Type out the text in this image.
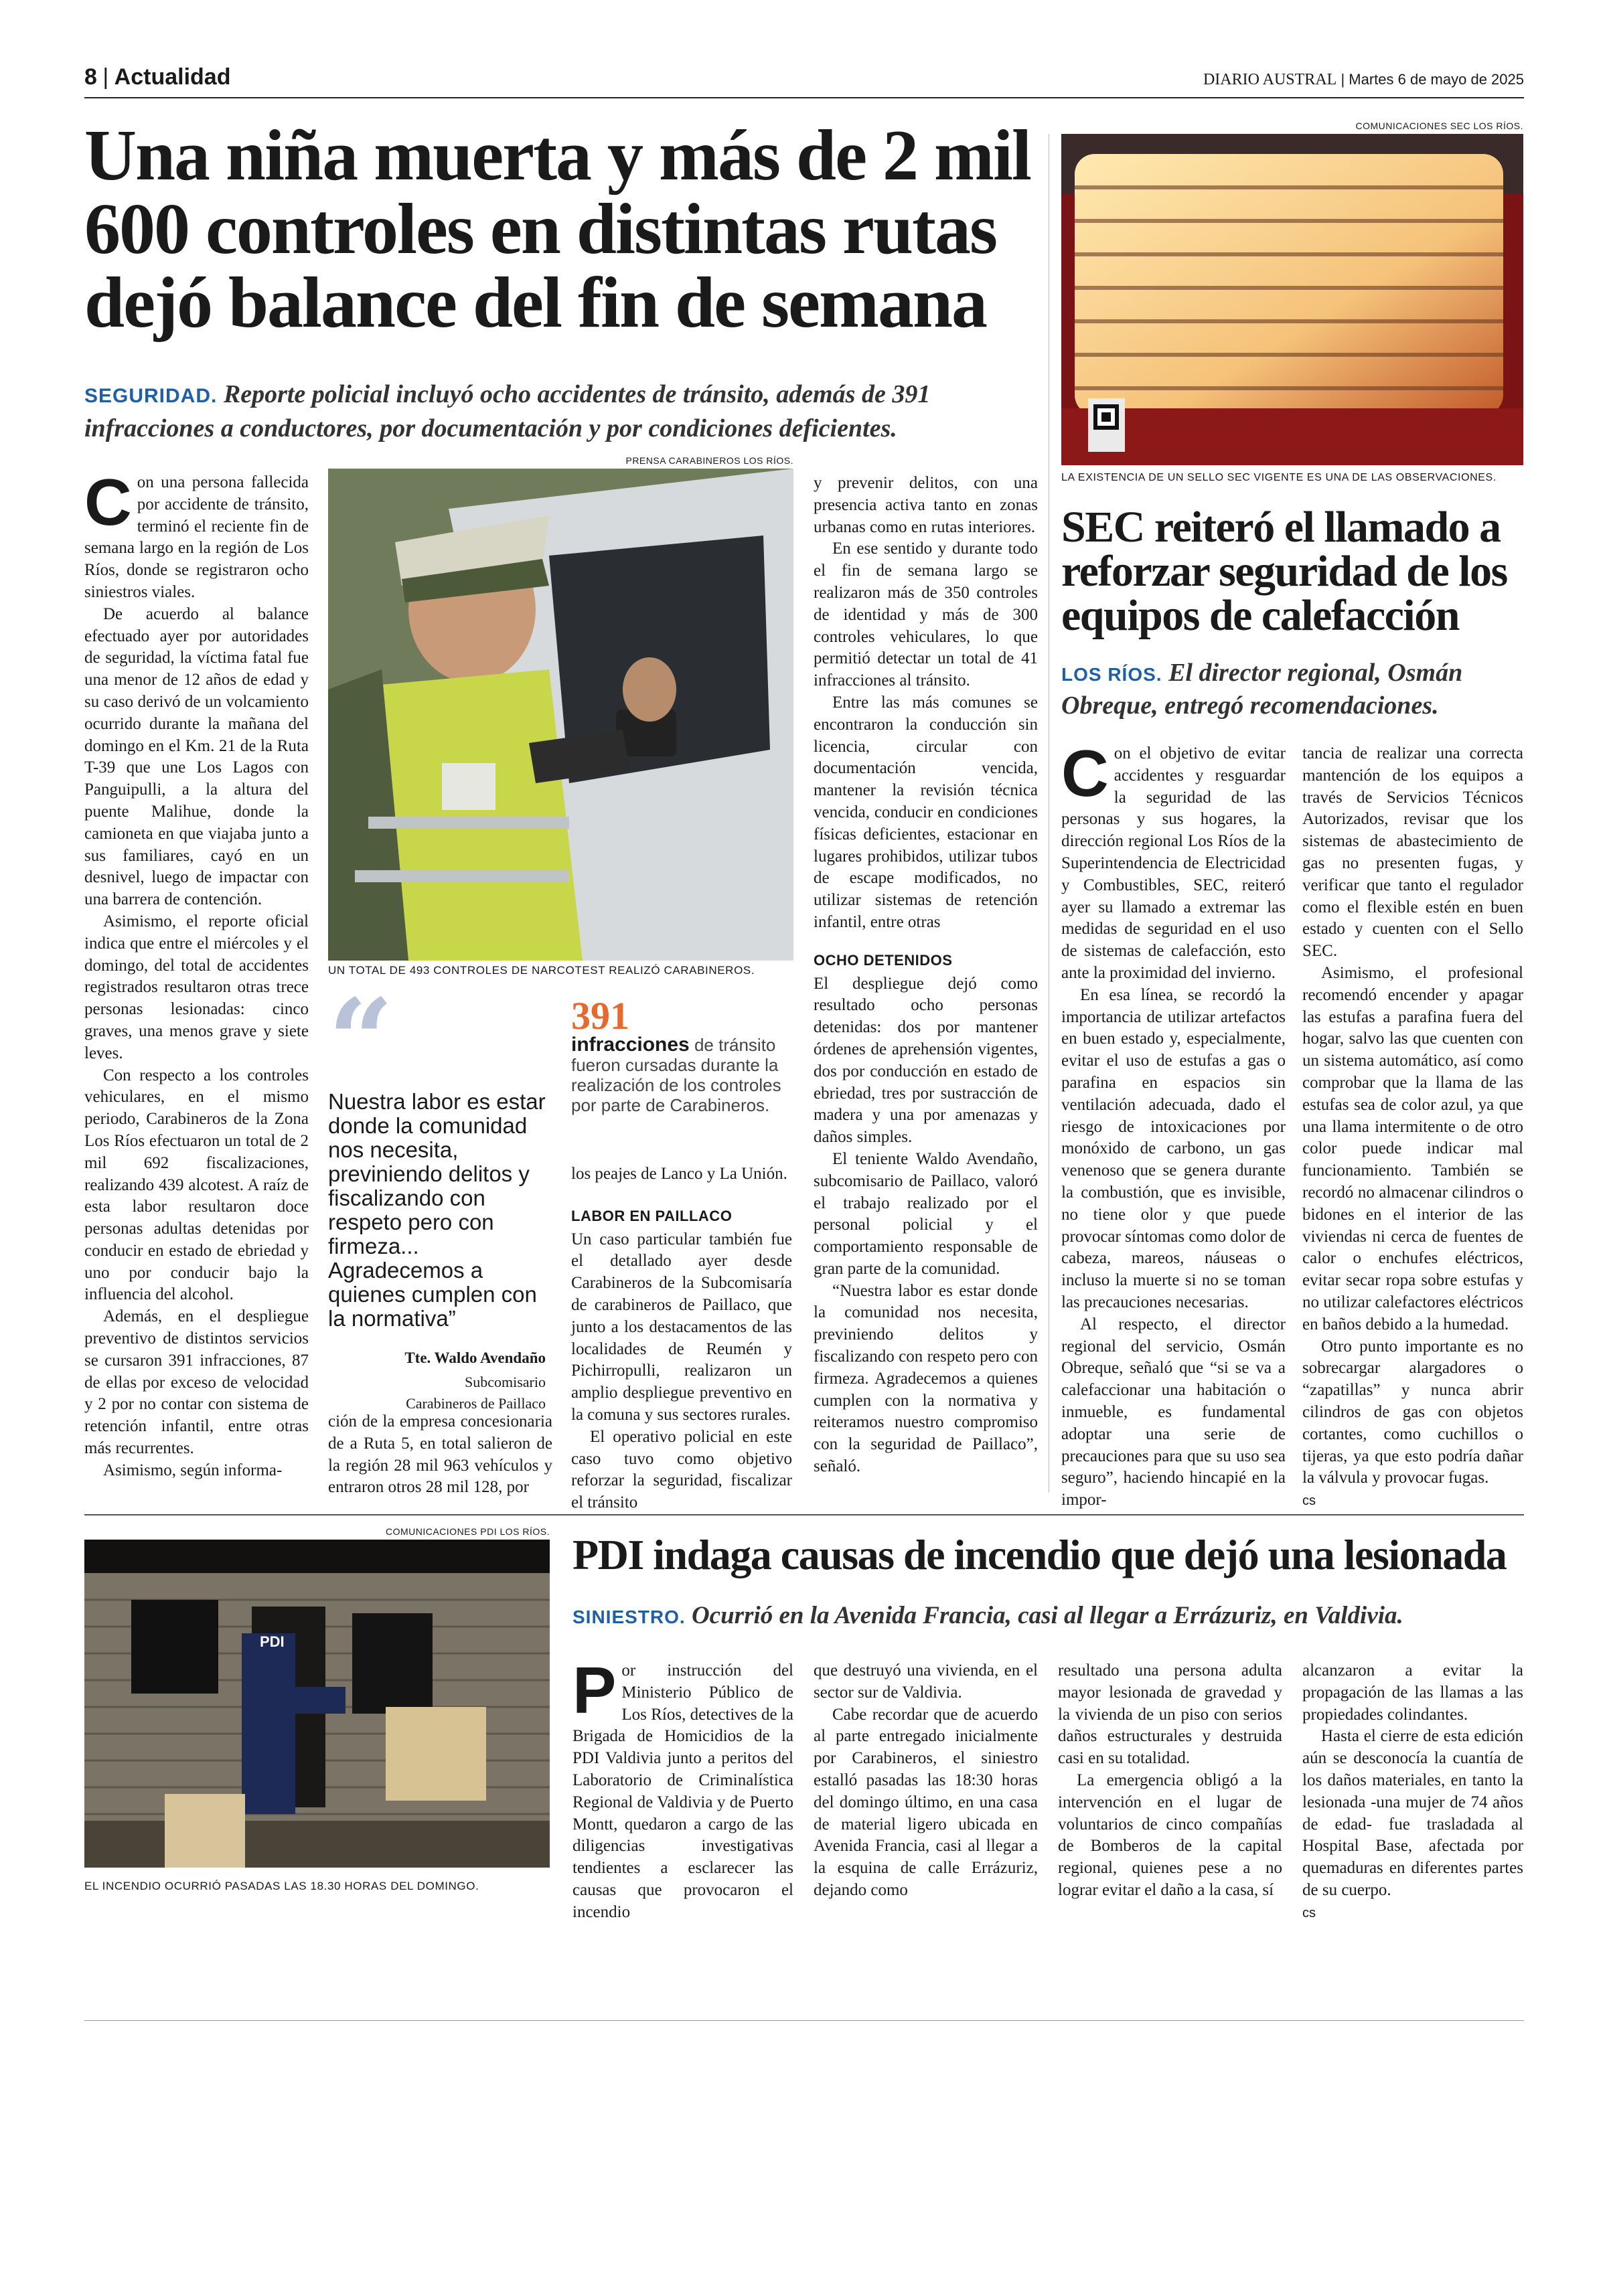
8 | Actualidad	DIARIO AUSTRAL | Martes 6 de mayo de 2025
Una niña muerta y más de 2 mil 600 controles en distintas rutas dejó balance del fin de semana
SEGURIDAD. Reporte policial incluyó ocho accidentes de tránsito, además de 391 infracciones a conductores, por documentación y por condiciones deficientes.
PRENSA CARABINEROS LOS RÍOS.
UN TOTAL DE 493 CONTROLES DE NARCOTEST REALIZÓ CARABINEROS.
C on una persona fallecida por accidente de tránsito, terminó el reciente fin de semana largo en la región de Los Ríos, donde se registraron ocho siniestros viales.

De acuerdo al balance efectuado ayer por autoridades de seguridad, la víctima fatal fue una menor de 12 años de edad y su caso derivó de un volcamiento ocurrido durante la mañana del domingo en el Km. 21 de la Ruta T-39 que une Los Lagos con Panguipulli, a la altura del puente Malihue, donde la camioneta en que viajaba junto a sus familiares, cayó en un desnivel, luego de impactar con una barrera de contención.

Asimismo, el reporte oficial indica que entre el miércoles y el domingo, del total de accidentes registrados resultaron otras trece personas lesionadas: cinco graves, una menos grave y siete leves.

Con respecto a los controles vehiculares, en el mismo periodo, Carabineros de la Zona Los Ríos efectuaron un total de 2 mil 692 fiscalizaciones, realizando 439 alcotest. A raíz de esta labor resultaron doce personas adultas detenidas por conducir en estado de ebriedad y uno por conducir bajo la influencia del alcohol.

Además, en el despliegue preventivo de distintos servicios se cursaron 391 infracciones, 87 de ellas por exceso de velocidad y 2 por no contar con sistema de retención infantil, entre otras más recurrentes.

Asimismo, según informa-

“
Nuestra labor es estar donde la comunidad nos necesita, previniendo delitos y fiscalizando con respeto pero con firmeza... Agradecemos a quienes cumplen con la normativa”
Tte. Waldo Avendaño
Subcomisario
Carabineros de Paillaco
391
infracciones de tránsito fueron cursadas durante la realización de los controles por parte de Carabineros.

ción de la empresa concesionaria de a Ruta 5, en total salieron de la región 28 mil 963 vehículos y entraron otros 28 mil 128, por

los peajes de Lanco y La Unión.

LABOR EN PAILLACO

Un caso particular también fue el detallado ayer desde Carabineros de la Subcomisaría de carabineros de Paillaco, que junto a los destacamentos de las localidades de Reumén y Pichirropulli, realizaron un amplio despliegue preventivo en la comuna y sus sectores rurales.

El operativo policial en este caso tuvo como objetivo reforzar la seguridad, fiscalizar el tránsito

y prevenir delitos, con una presencia activa tanto en zonas urbanas como en rutas interiores.

En ese sentido y durante todo el fin de semana largo se realizaron más de 350 controles de identidad y más de 300 controles vehiculares, lo que permitió detectar un total de 41 infracciones al tránsito.

Entre las más comunes se encontraron la conducción sin licencia, circular con documentación vencida, mantener la revisión técnica vencida, conducir en condiciones físicas deficientes, estacionar en lugares prohibidos, utilizar tubos de escape modificados, no utilizar sistemas de retención infantil, entre otras

OCHO DETENIDOS

El despliegue dejó como resultado ocho personas detenidas: dos por mantener órdenes de aprehensión vigentes, dos por conducción en estado de ebriedad, tres por sustracción de madera y una por amenazas y daños simples.

El teniente Waldo Avendaño, subcomisario de Paillaco, valoró el trabajo realizado por el personal policial y el comportamiento responsable de gran parte de la comunidad.

“Nuestra labor es estar donde la comunidad nos necesita, previniendo delitos y fiscalizando con respeto pero con firmeza. Agradecemos a quienes cumplen con la normativa y reiteramos nuestro compromiso con la seguridad de Paillaco”, señaló.

COMUNICACIONES SEC LOS RÍOS.
LA EXISTENCIA DE UN SELLO SEC VIGENTE ES UNA DE LAS OBSERVACIONES.
SEC reiteró el llamado a reforzar seguridad de los equipos de calefacción
LOS RÍOS. El director regional, Osmán Obreque, entregó recomendaciones.
C on el objetivo de evitar accidentes y resguardar la seguridad de las personas y sus hogares, la dirección regional Los Ríos de la Superintendencia de Electricidad y Combustibles, SEC, reiteró ayer su llamado a extremar las medidas de seguridad en el uso de sistemas de calefacción, esto ante la proximidad del invierno.

En esa línea, se recordó la importancia de utilizar artefactos en buen estado y, especialmente, evitar el uso de estufas a gas o parafina en espacios sin ventilación adecuada, dado el riesgo de intoxicaciones por monóxido de carbono, un gas venenoso que se genera durante la combustión, que es invisible, no tiene olor y que puede provocar síntomas como dolor de cabeza, mareos, náuseas o incluso la muerte si no se toman las precauciones necesarias.

Al respecto, el director regional del servicio, Osmán Obreque, señaló que “si se va a calefaccionar una habitación o inmueble, es fundamental adoptar una serie de precauciones para que su uso sea seguro”, haciendo hincapié en la impor-

tancia de realizar una correcta mantención de los equipos a través de Servicios Técnicos Autorizados, revisar que los sistemas de abastecimiento de gas no presenten fugas, y verificar que tanto el regulador como el flexible estén en buen estado y cuenten con el Sello SEC.

Asimismo, el profesional recomendó encender y apagar las estufas a parafina fuera del hogar, salvo las que cuenten con un sistema automático, así como comprobar que la llama de las estufas sea de color azul, ya que una llama intermitente o de otro color puede indicar mal funcionamiento. También se recordó no almacenar cilindros o bidones en el interior de las viviendas ni cerca de fuentes de calor o enchufes eléctricos, evitar secar ropa sobre estufas y no utilizar calefactores eléctricos en baños debido a la humedad.

Otro punto importante es no sobrecargar alargadores o “zapatillas” y nunca abrir cilindros de gas con objetos cortantes, como cuchillos o tijeras, ya que esto podría dañar la válvula y provocar fugas.

cs
COMUNICACIONES PDI LOS RÍOS.
PDI
EL INCENDIO OCURRIÓ PASADAS LAS 18.30 HORAS DEL DOMINGO.
PDI indaga causas de incendio que dejó una lesionada
SINIESTRO. Ocurrió en la Avenida Francia, casi al llegar a Errázuriz, en Valdivia.
P or instrucción del Ministerio Público de Los Ríos, detectives de la Brigada de Homicidios de la PDI Valdivia junto a peritos del Laboratorio de Criminalística Regional de Valdivia y de Puerto Montt, quedaron a cargo de las diligencias investigativas tendientes a esclarecer las causas que provocaron el incendio

que destruyó una vivienda, en el sector sur de Valdivia.

Cabe recordar que de acuerdo al parte entregado inicialmente por Carabineros, el siniestro estalló pasadas las 18:30 horas del domingo último, en una casa de material ligero ubicada en Avenida Francia, casi al llegar a la esquina de calle Errázuriz, dejando como

resultado una persona adulta mayor lesionada de gravedad y la vivienda de un piso con serios daños estructurales y destruida casi en su totalidad.

La emergencia obligó a la intervención en el lugar de voluntarios de cinco compañías de Bomberos de la capital regional, quienes pese a no lograr evitar el daño a la casa, sí

alcanzaron a evitar la propagación de las llamas a las propiedades colindantes.

Hasta el cierre de esta edición aún se desconocía la cuantía de los daños materiales, en tanto la lesionada -una mujer de 74 años de edad- fue trasladada al Hospital Base, afectada por quemaduras en diferentes partes de su cuerpo.

cs
